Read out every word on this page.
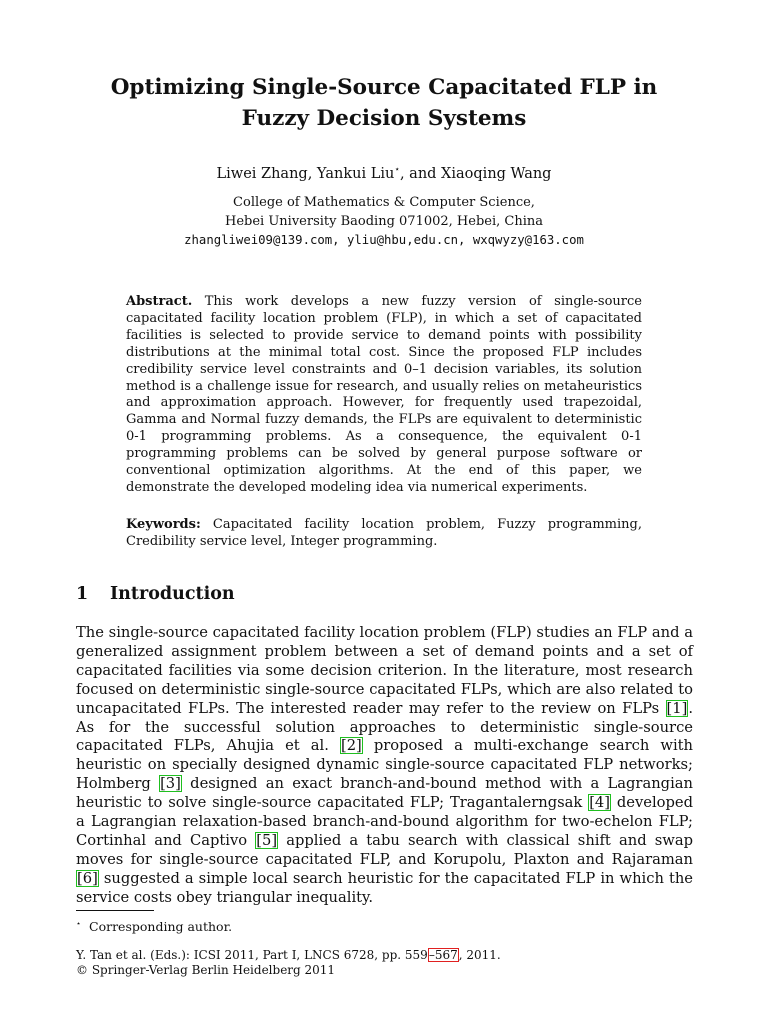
Optimizing Single-Source Capacitated FLP in
Fuzzy Decision Systems
Liwei Zhang, Yankui Liu⋆, and Xiaoqing Wang
College of Mathematics & Computer Science,
Hebei University Baoding 071002, Hebei, China
zhangliwei09@139.com, yliu@hbu,edu.cn, wxqwyzy@163.com
Abstract. This work develops a new fuzzy version of single-source capacitated facility location problem (FLP), in which a set of capacitated facilities is selected to provide service to demand points with possibility distributions at the minimal total cost. Since the proposed FLP includes credibility service level constraints and 0–1 decision variables, its solution method is a challenge issue for research, and usually relies on metaheuristics and approximation approach. However, for frequently used trapezoidal, Gamma and Normal fuzzy demands, the FLPs are equivalent to deterministic 0-1 programming problems. As a consequence, the equivalent 0-1 programming problems can be solved by general purpose software or conventional optimization algorithms. At the end of this paper, we demonstrate the developed modeling idea via numerical experiments.
Keywords: Capacitated facility location problem, Fuzzy programming, Credibility service level, Integer programming.
1 Introduction
The single-source capacitated facility location problem (FLP) studies an FLP and a generalized assignment problem between a set of demand points and a set of capacitated facilities via some decision criterion. In the literature, most research focused on deterministic single-source capacitated FLPs, which are also related to uncapacitated FLPs. The interested reader may refer to the review on FLPs [1]. As for the successful solution approaches to deterministic single-source capacitated FLPs, Ahujia et al. [2] proposed a multi-exchange search with heuristic on specially designed dynamic single-source capacitated FLP networks; Holmberg [3] designed an exact branch-and-bound method with a Lagrangian heuristic to solve single-source capacitated FLP; Tragantalerngsak [4] developed a Lagrangian relaxation-based branch-and-bound algorithm for two-echelon FLP; Cortinhal and Captivo [5] applied a tabu search with classical shift and swap moves for single-source capacitated FLP, and Korupolu, Plaxton and Rajaraman [6] suggested a simple local search heuristic for the capacitated FLP in which the service costs obey triangular inequality.
⋆ Corresponding author.
Y. Tan et al. (Eds.): ICSI 2011, Part I, LNCS 6728, pp. 559–567, 2011.
© Springer-Verlag Berlin Heidelberg 2011
